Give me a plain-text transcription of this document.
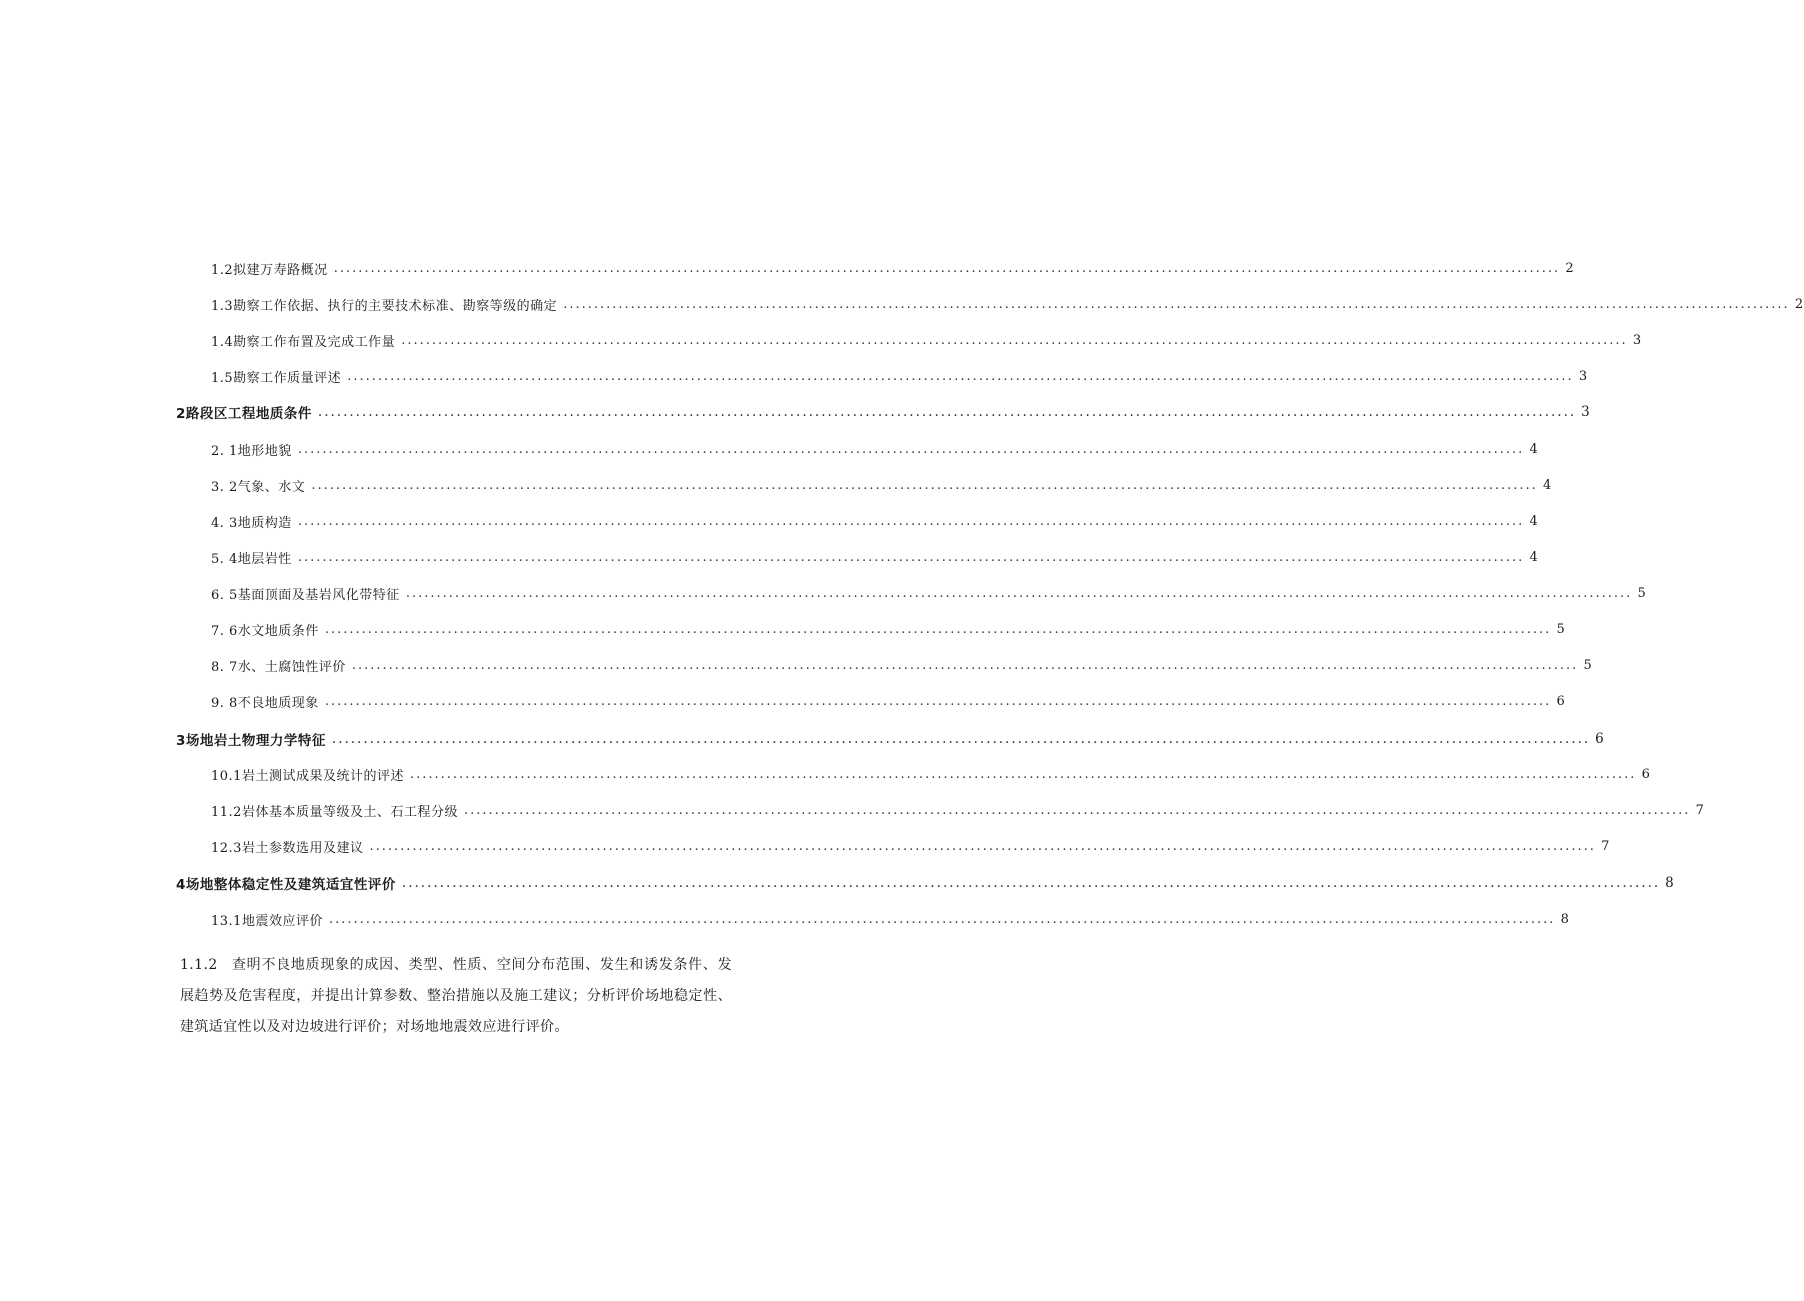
1.2拟建万寿路概况 ........................................................................................................................................................................................................ 2
1.3勘察工作依据、执行的主要技术标准、勘察等级的确定 ........................................................................................................................................................................................................ 2
1.4勘察工作布置及完成工作量 ........................................................................................................................................................................................................ 3
1.5勘察工作质量评述 ........................................................................................................................................................................................................ 3
2路段区工程地质条件 ........................................................................................................................................................................................................ 3
2. 1地形地貌 ........................................................................................................................................................................................................ 4
3. 2气象、水文 ........................................................................................................................................................................................................ 4
4. 3地质构造 ........................................................................................................................................................................................................ 4
5. 4地层岩性 ........................................................................................................................................................................................................ 4
6. 5基面顶面及基岩风化带特征 ........................................................................................................................................................................................................ 5
7. 6水文地质条件 ........................................................................................................................................................................................................ 5
8. 7水、土腐蚀性评价 ........................................................................................................................................................................................................ 5
9. 8不良地质现象 ........................................................................................................................................................................................................ 6
3场地岩土物理力学特征 ........................................................................................................................................................................................................ 6
10.1岩土测试成果及统计的评述 ........................................................................................................................................................................................................ 6
11.2岩体基本质量等级及土、石工程分级 ........................................................................................................................................................................................................ 7
12.3岩土参数选用及建议 ........................................................................................................................................................................................................ 7
4场地整体稳定性及建筑适宜性评价 ........................................................................................................................................................................................................ 8
13.1地震效应评价 ........................................................................................................................................................................................................ 8
1.1.2 查明不良地质现象的成因、类型、性质、空间分布范围、发生和诱发条件、发展趋势及危害程度，并提出计算参数、整治措施以及施工建议；分析评价场地稳定性、建筑适宜性以及对边坡进行评价；对场地地震效应进行评价。
